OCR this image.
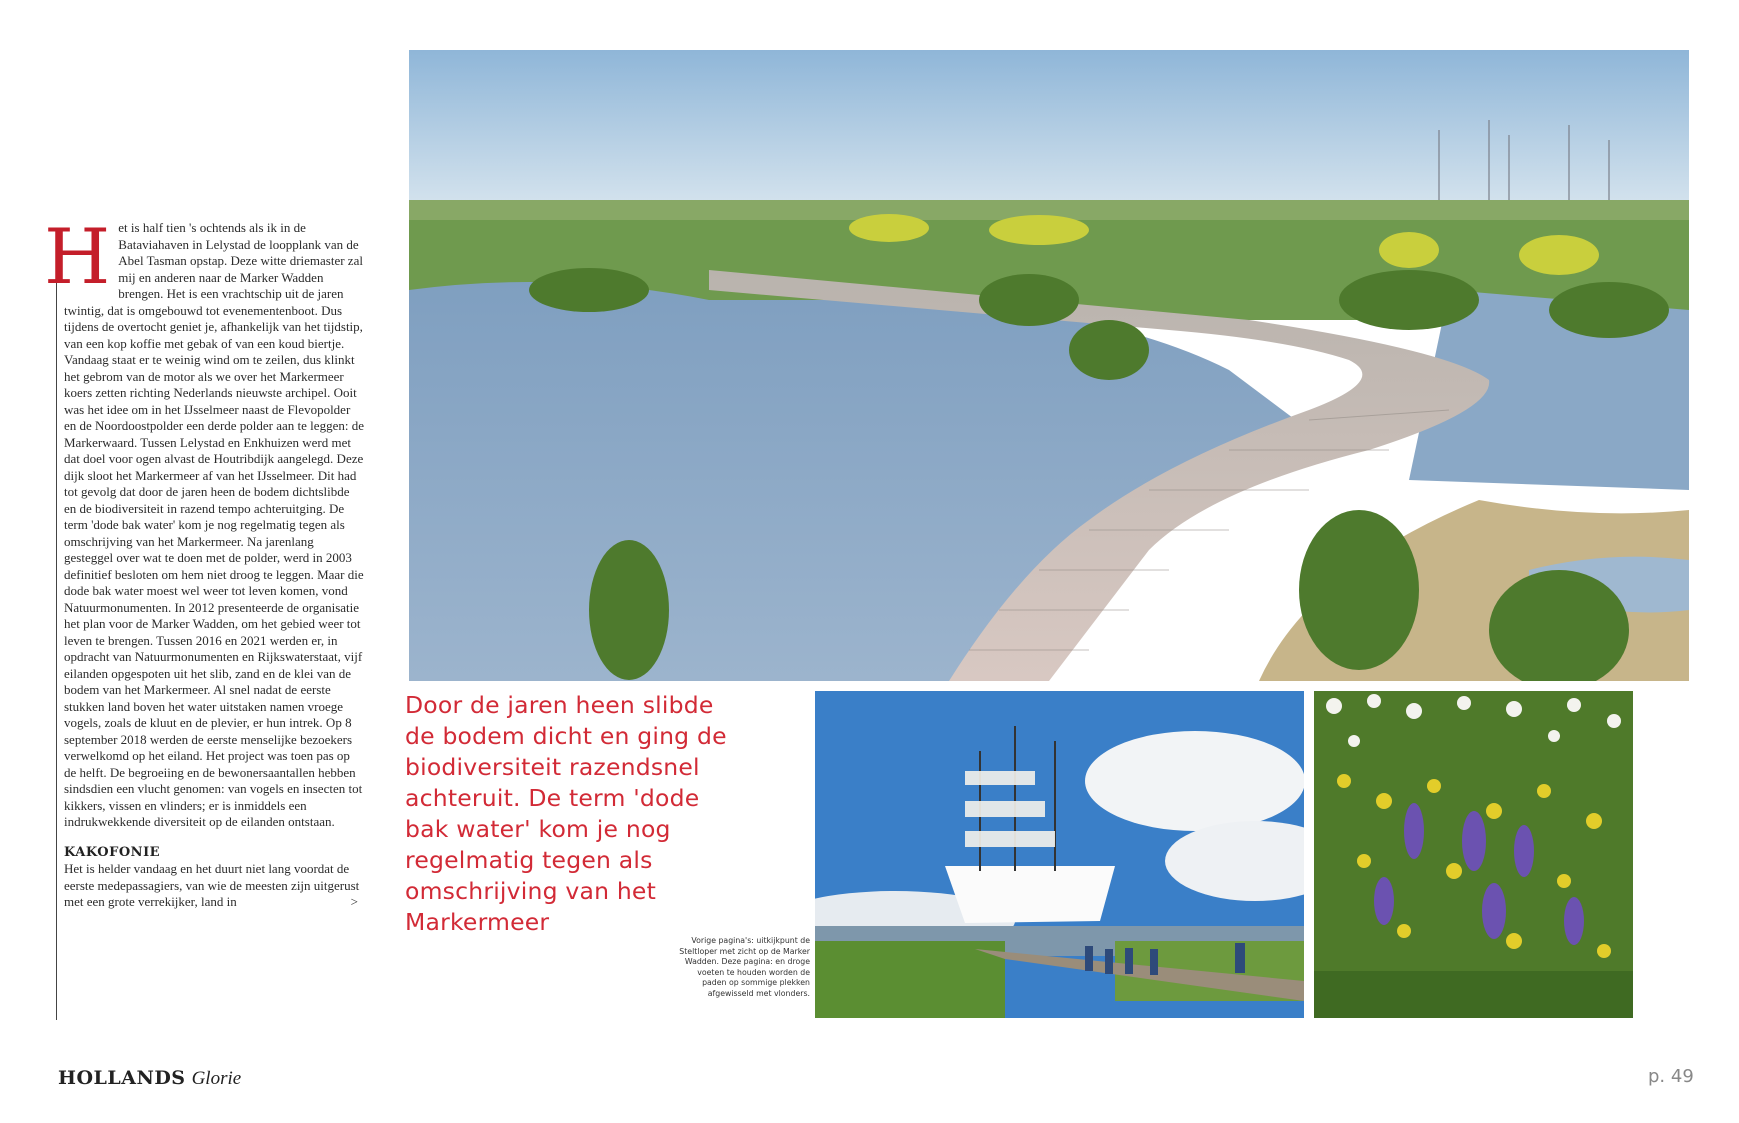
Het is half tien 's ochtends als ik in de Bataviahaven in Lelystad de loopplank van de Abel Tasman opstap. Deze witte driemaster zal mij en anderen naar de Marker Wadden brengen. Het is een vrachtschip uit de jaren twintig, dat is omgebouwd tot evenementenboot. Dus tijdens de overtocht geniet je, afhankelijk van het tijdstip, van een kop koffie met gebak of van een koud biertje. Vandaag staat er te weinig wind om te zeilen, dus klinkt het gebrom van de motor als we over het Markermeer koers zetten richting Nederlands nieuwste archipel. Ooit was het idee om in het IJsselmeer naast de Flevopolder en de Noordoostpolder een derde polder aan te leggen: de Markerwaard. Tussen Lelystad en Enkhuizen werd met dat doel voor ogen alvast de Houtribdijk aangelegd. Deze dijk sloot het Markermeer af van het IJsselmeer. Dit had tot gevolg dat door de jaren heen de bodem dichtslibde en de biodiversiteit in razend tempo achteruitging. De term 'dode bak water' kom je nog regelmatig tegen als omschrijving van het Markermeer. Na jarenlang gesteggel over wat te doen met de polder, werd in 2003 definitief besloten om hem niet droog te leggen. Maar die dode bak water moest wel weer tot leven komen, vond Natuurmonumenten. In 2012 presenteerde de organisatie het plan voor de Marker Wadden, om het gebied weer tot leven te brengen. Tussen 2016 en 2021 werden er, in opdracht van Natuurmonumenten en Rijkswaterstaat, vijf eilanden opgespoten uit het slib, zand en de klei van de bodem van het Markermeer. Al snel nadat de eerste stukken land boven het water uitstaken namen vroege vogels, zoals de kluut en de plevier, er hun intrek. Op 8 september 2018 werden de eerste menselijke bezoekers verwelkomd op het eiland. Het project was toen pas op de helft. De begroeiing en de bewonersaantallen hebben sindsdien een vlucht genomen: van vogels en insecten tot kikkers, vissen en vlinders; er is inmiddels een indrukwekkende diversiteit op de eilanden ontstaan.

KAKOFONIE

Het is helder vandaag en het duurt niet lang voordat de eerste medepassagiers, van wie de meesten zijn uitgerust met een grote verrekijker, land in	>

Door de jaren heen slibde de bodem dicht en ging de biodiversiteit razendsnel achteruit. De term 'dode bak water' kom je nog regelmatig tegen als omschrijving van het Markermeer
Vorige pagina's: uitkijkpunt de Steltloper met zicht op de Marker Wadden. Deze pagina: en droge voeten te houden worden de paden op sommige plekken afgewisseld met vlonders.
HOLLANDS Glorie	p. 49
